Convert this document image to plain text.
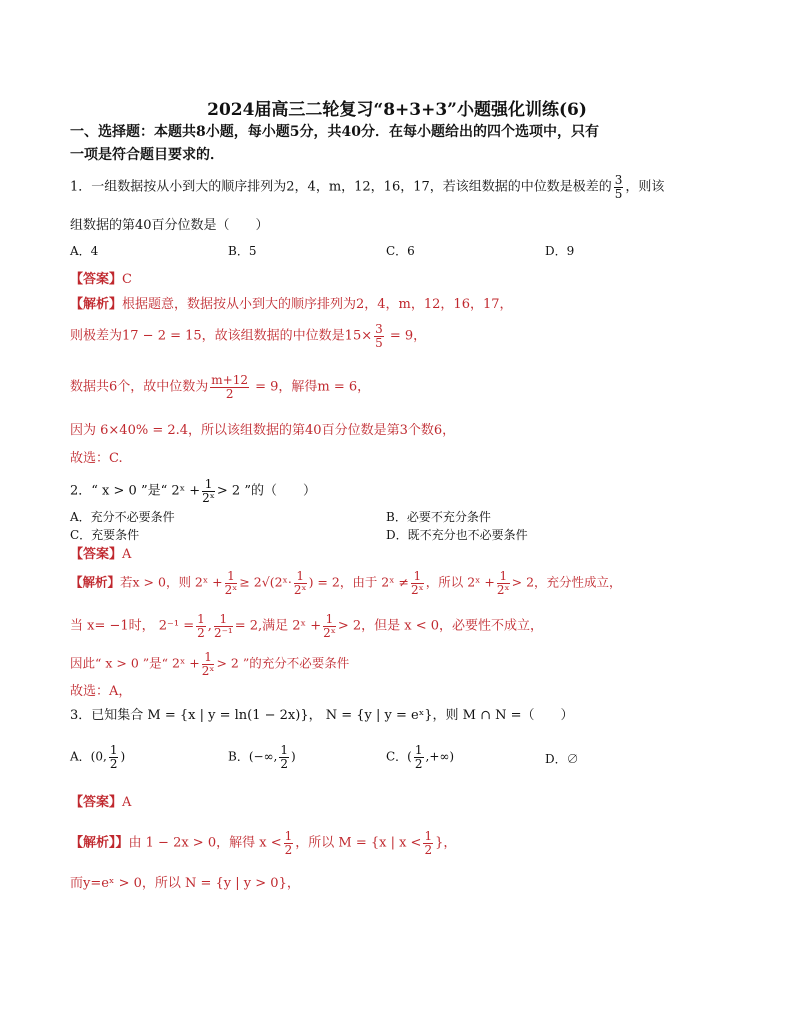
2024届高三二轮复习“8+3+3”小题强化训练(6)
一、选择题：本题共8小题，每小题5分，共40分．在每小题给出的四个选项中，只有
一项是符合题目要求的．
1．一组数据按从小到大的顺序排列为2，4，m，12，16，17，若该组数据的中位数是极差的 $\frac{3}{5}$ ，则该
组数据的第40百分位数是（　　）
A．4	B．5	C．6	D．9
【答案】C
【解析】根据题意，数据按从小到大的顺序排列为2，4，m，12，16，17，
则极差为17 − 2 = 15，故该组数据的中位数是$15\times \frac{3}{5} = 9$，
数据共6个，故中位数为 $\frac{m+12}{2} = 9$，解得m = 6，
因为 6×40% = 2.4，所以该组数据的第40百分位数是第3个数6，
故选：C.
2．“ x > 0 ”是“ 2ˣ + $\frac{1}{\text{2ˣ}} > 2$ ”的（　　）
A．充分不必要条件	B．必要不充分条件
C．充要条件	D．既不充分也不必要条件
【答案】A
【解析】若x > 0，则 2ˣ + $\frac{1}{\text{2ˣ}}$ ≥ 2√(2ˣ· $\frac{1}{\text{2ˣ}}$ ) = 2，由于 2ˣ ≠ $\frac{1}{\text{2ˣ}}$ ，所以 2ˣ + $\frac{1}{\text{2ˣ}} > 2$，充分性成立，
当 x= −1时， $2^{-1} = \frac{1}{2}$ , $\frac{1}{\text{2⁻¹}} = 2$,满足 2ˣ + $\frac{1}{\text{2ˣ}} > 2$，但是 x < 0，必要性不成立，
因此“ x > 0 ”是“ 2ˣ + $\frac{1}{\text{2ˣ}} > 2$ ”的充分不必要条件
故选：A，
3．已知集合 M = {x | y = ln(1 − 2x)}， N = {y | y = eˣ}，则 M ∩ N =（　　）
A．(0, $\frac{1}{2}$ )	B．(−∞, $\frac{1}{2}$ )	C．( $\frac{1}{2}$ ,+∞)	D．∅
【答案】A
【解析】】由 1 − 2x > 0，解得 $x < \frac{1}{2}$ ，所以 M = {x | $x < \frac{1}{2}$ }，
而y=eˣ > 0，所以 N = {y | y > 0}，
